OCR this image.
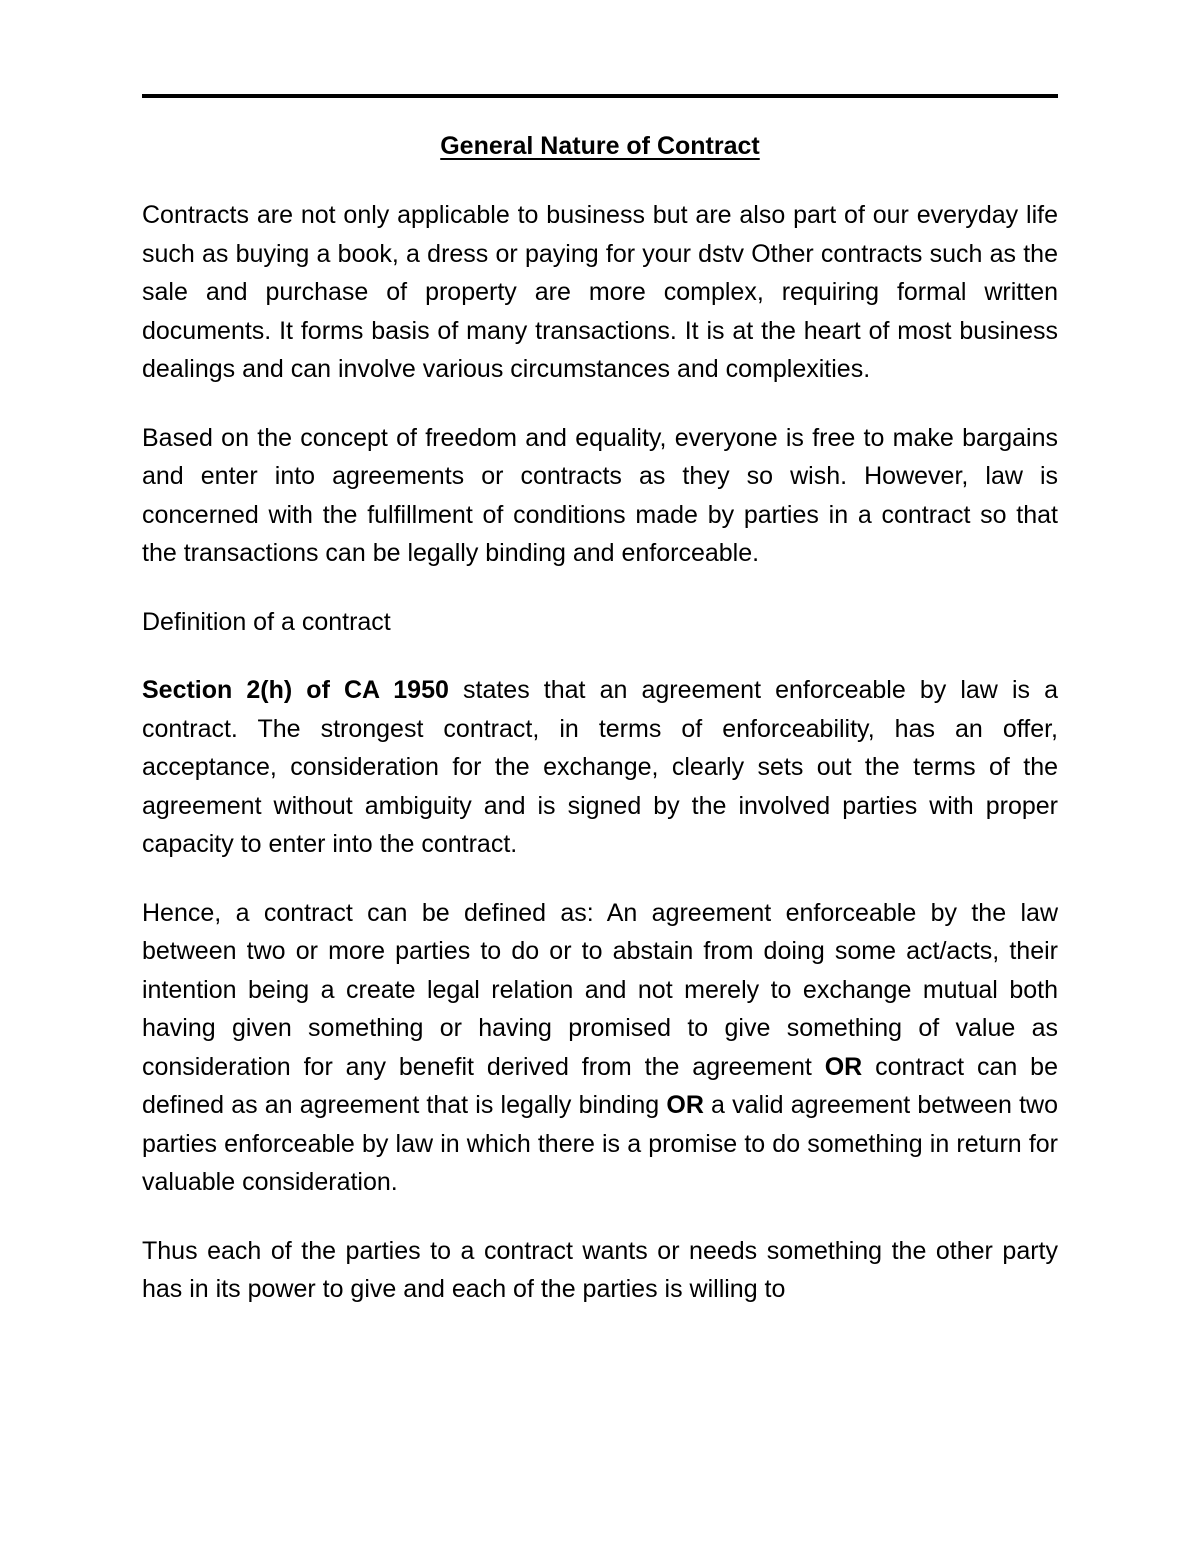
General Nature of Contract

Contracts are not only applicable to business but are also part of our everyday life such as buying a book, a dress or paying for your dstv Other contracts such as the sale and purchase of property are more complex, requiring formal written documents. It forms basis of many transactions. It is at the heart of most business dealings and can involve various circumstances and complexities.

Based on the concept of freedom and equality, everyone is free to make bargains and enter into agreements or contracts as they so wish. However, law is concerned with the fulfillment of conditions made by parties in a contract so that the transactions can be legally binding and enforceable.

Definition of a contract

Section 2(h) of CA 1950 states that an agreement enforceable by law is a contract. The strongest contract, in terms of enforceability, has an offer, acceptance, consideration for the exchange, clearly sets out the terms of the agreement without ambiguity and is signed by the involved parties with proper capacity to enter into the contract.

Hence, a contract can be defined as: An agreement enforceable by the law between two or more parties to do or to abstain from doing some act/acts, their intention being a create legal relation and not merely to exchange mutual both having given something or having promised to give something of value as consideration for any benefit derived from the agreement OR contract can be defined as an agreement that is legally binding OR a valid agreement between two parties enforceable by law in which there is a promise to do something in return for valuable consideration.

Thus each of the parties to a contract wants or needs something the other party has in its power to give and each of the parties is willing to
